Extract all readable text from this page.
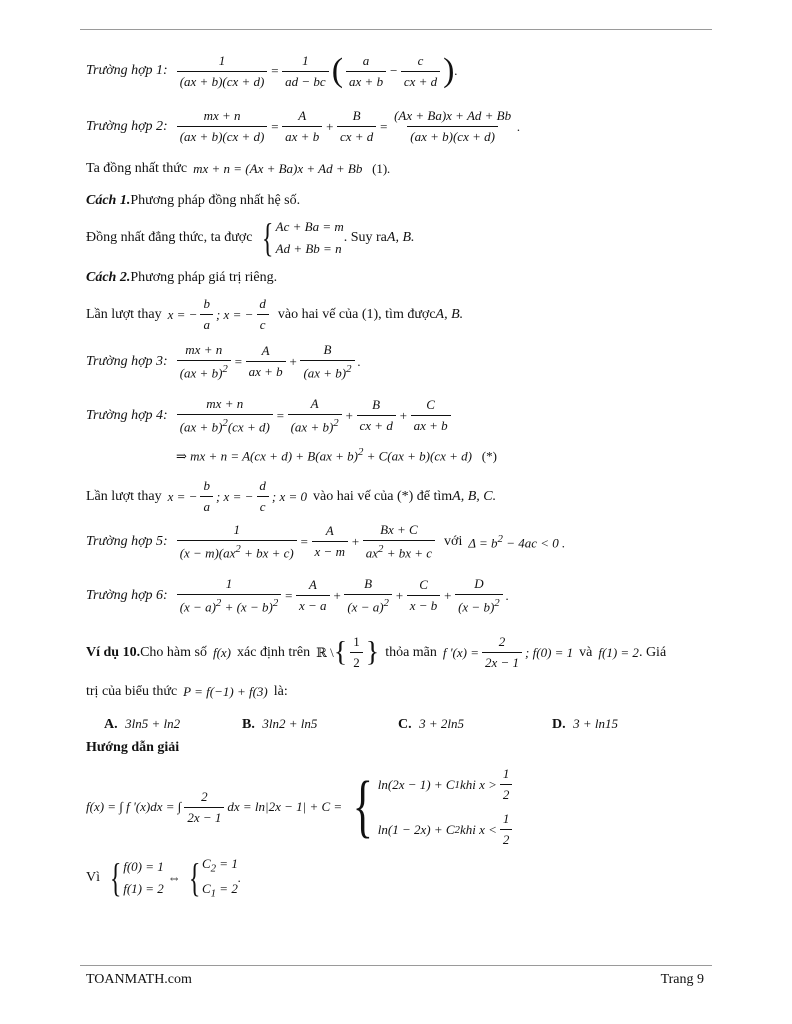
Trường hợp 1: $\frac{1}{(ax + b)(cx + d)} = \frac{1}{ad - bc}$ ( $\frac{a}{ax + b} - \frac{c}{cx + d}$ ) .
Trường hợp 2: $\frac{mx + n}{(ax + b)(cx + d)} = \frac{A}{ax + b} + \frac{B}{cx + d} = \frac{(Ax + Ba)x + Ad + Bb}{(ax + b)(cx + d)}$ .
Ta đồng nhất thức mx + n = (Ax + Ba)x + Ad + Bb   (1).
Cách 1. Phương pháp đồng nhất hệ số.
Đồng nhất đẳng thức, ta được { Ac + Ba = m
Ad + Bb = n
. Suy ra A, B.
Cách 2. Phương pháp giá trị riêng.
Lần lượt thay x = − $\frac{b}{a}$ ; x = − $\frac{d}{c}$ vào hai vế của (1), tìm được A, B.
Trường hợp 3: $\frac{mx + n}{(ax + b)^2} = \frac{A}{ax + b} + \frac{B}{(ax + b)^2}$ .
Trường hợp 4: $\frac{mx + n}{(ax + b)^2(cx + d)} = \frac{A}{(ax + b)^2} + \frac{B}{cx + d} + \frac{C}{ax + b}$
⇒ mx + n = A(cx + d) + B(ax + b)$^2$ + C(ax + b)(cx + d)   (*)
Lần lượt thay x = − $\frac{b}{a}$ ; x = − $\frac{d}{c}$ ; x = 0 vào hai vế của (*) để tìm A, B, C.
Trường hợp 5: $\frac{1}{(x - m)(ax^2 + bx + c)} = \frac{A}{x - m} + \frac{Bx + C}{ax^2 + bx + c}$ với $\Delta = b^2 - 4ac < 0$ .
Trường hợp 6: $\frac{1}{(x - a)^2 + (x - b)^2} = \frac{A}{x - a} + \frac{B}{(x - a)^2} + \frac{C}{x - b} + \frac{D}{(x - b)^2}$ .
Ví dụ 10. Cho hàm số f(x) xác định trên ℝ \ { $\frac{1}{2}$ } thỏa mãn f '$(x) = \frac{2}{2x - 1}$ ; f(0) = 1 và f(1) = 2 . Giá
trị của biểu thức P = f(−1) + f(3) là:
A. 3ln5 + ln2	B. 3ln2 + ln5	C. 3 + 2ln5	D. 3 + ln15
Hướng dẫn giải
f(x) = ∫ f '(x)dx = ∫ $\frac{2}{2x - 1}$ dx = ln|2x − 1| + C = { ln(2x − 1) + C 1 khi $x > \frac{1}{2}$
ln(1 − 2x) + C 2 khi $x < \frac{1}{2}$
Vì { f(0) = 1
f(1) = 2
⇔ { $C_2 = 1$
$C_1 = 2$
.
TOANMATH.com	Trang 9
